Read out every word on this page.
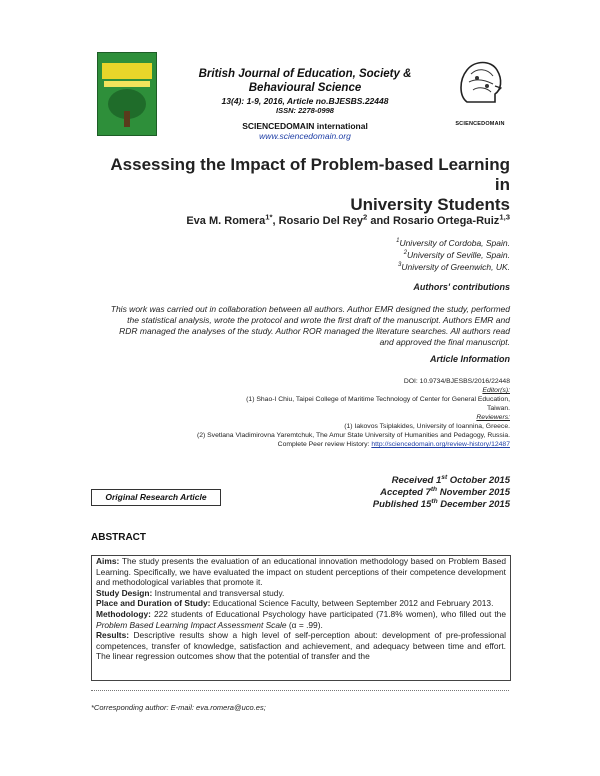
British Journal of Education, Society &
Behavioural Science
13(4): 1-9, 2016, Article no.BJESBS.22448
ISSN: 2278-0998
SCIENCEDOMAIN international
www.sciencedomain.org
SCIENCEDOMAIN
Assessing the Impact of Problem-based Learning in
University Students
Eva M. Romera$^{1*}$, Rosario Del Rey$^2$ and Rosario Ortega-Ruiz$^{1,3}$
$^1$University of Cordoba, Spain.
$^2$University of Seville, Spain.
$^3$University of Greenwich, UK.
Authors' contributions
This work was carried out in collaboration between all authors. Author EMR designed the study, performed the statistical analysis, wrote the protocol and wrote the first draft of the manuscript. Authors EMR and RDR managed the analyses of the study. Author ROR managed the literature searches. All authors read and approved the final manuscript.
Article Information
DOI: 10.9734/BJESBS/2016/22448
Editor(s):
(1) Shao-I Chiu, Taipei College of Maritime Technology of Center for General Education,
Taiwan.
Reviewers:
(1) Iakovos Tsiplakides, University of Ioannina, Greece.
(2) Svetlana Vladimirovna Yaremtchuk, The Amur State University of Humanities and Pedagogy, Russia.
Complete Peer review History: http://sciencedomain.org/review-history/12487
Received 1st October 2015
Accepted 7th November 2015
Published 15th December 2015
Original Research Article
ABSTRACT

Aims: The study presents the evaluation of an educational innovation methodology based on Problem Based Learning. Specifically, we have evaluated the impact on student perceptions of their competence development and methodological variables that promote it.

Study Design: Instrumental and transversal study.

Place and Duration of Study: Educational Science Faculty, between September 2012 and February 2013.

Methodology: 222 students of Educational Psychology have participated (71.8% women), who filled out the Problem Based Learning Impact Assessment Scale (α = .99).

Results: Descriptive results show a high level of self-perception about: development of pre-professional competences, transfer of knowledge, satisfaction and achievement, and adequacy between time and effort. The linear regression outcomes show that the potential of transfer and the

*Corresponding author: E-mail: eva.romera@uco.es;
